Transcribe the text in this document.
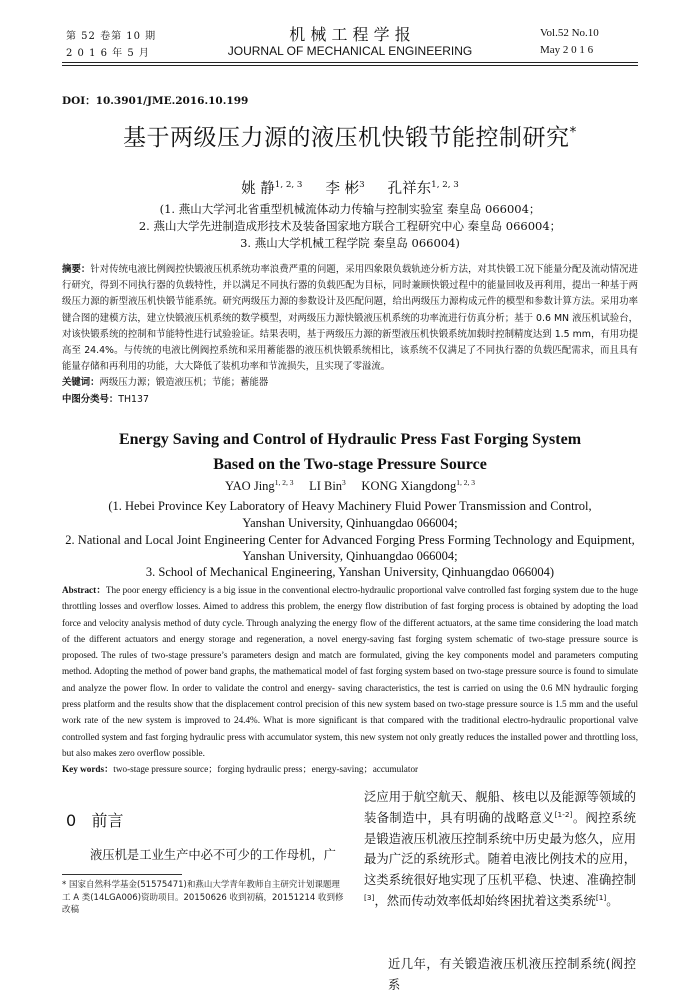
第 52 卷第 10 期
2 0 1 6 年 5 月
机 械 工 程 学 报
JOURNAL OF MECHANICAL ENGINEERING
Vol.52 No.10
May 2 0 1 6
DOI：10.3901/JME.2016.10.199
基于两级压力源的液压机快锻节能控制研究*
姚 静$^{1, 2, 3}$ 李 彬$^3$ 孔祥东$^{1, 2, 3}$
(1. 燕山大学河北省重型机械流体动力传输与控制实验室 秦皇岛 066004；
2. 燕山大学先进制造成形技术及装备国家地方联合工程研究中心 秦皇岛 066004；
3. 燕山大学机械工程学院 秦皇岛 066004)
摘要：针对传统电液比例阀控快锻液压机系统功率浪费严重的问题，采用四象限负载轨迹分析方法，对其快锻工况下能量分配及流动情况进行研究，得到不同执行器的负载特性，并以满足不同执行器的负载匹配为目标，同时兼顾快锻过程中的能量回收及再利用，提出一种基于两级压力源的新型液压机快锻节能系统。研究两级压力源的参数设计及匹配问题，给出两级压力源构成元件的模型和参数计算方法。采用功率键合图的建模方法，建立快锻液压机系统的数学模型，对两级压力源快锻液压机系统的功率流进行仿真分析；基于 0.6 MN 液压机试验台，对该快锻系统的控制和节能特性进行试验验证。结果表明，基于两级压力源的新型液压机快锻系统加载时控制精度达到 1.5 mm，有用功提高至 24.4%。与传统的电液比例阀控系统和采用蓄能器的液压机快锻系统相比，该系统不仅满足了不同执行器的负载匹配需求，而且具有能量存储和再利用的功能，大大降低了装机功率和节流损失，且实现了零溢流。
关键词：两级压力源；锻造液压机；节能；蓄能器
中图分类号：TH137
Energy Saving and Control of Hydraulic Press Fast Forging System
Based on the Two-stage Pressure Source
YAO Jing$^{1, 2, 3}$ LI Bin$^3$ KONG Xiangdong$^{1, 2, 3}$
(1. Hebei Province Key Laboratory of Heavy Machinery Fluid Power Transmission and Control,
Yanshan University, Qinhuangdao 066004;
2. National and Local Joint Engineering Center for Advanced Forging Press Forming Technology and Equipment,
Yanshan University, Qinhuangdao 066004;
3. School of Mechanical Engineering, Yanshan University, Qinhuangdao 066004)
Abstract：The poor energy efficiency is a big issue in the conventional electro-hydraulic proportional valve controlled fast forging system due to the huge throttling losses and overflow losses. Aimed to address this problem, the energy flow distribution of fast forging process is obtained by adopting the load force and velocity analysis method of duty cycle. Through analyzing the energy flow of the different actuators, at the same time considering the load match of the different actuators and energy storage and regeneration, a novel energy-saving fast forging system schematic of two-stage pressure source is proposed. The rules of two-stage pressure’s parameters design and match are formulated, giving the key components model and parameters computing method. Adopting the method of power band graphs, the mathematical model of fast forging system based on two-stage pressure source is found to simulate and analyze the power flow. In order to validate the control and energy- saving characteristics, the test is carried on using the 0.6 MN hydraulic forging press platform and the results show that the displacement control precision of this new system based on two-stage pressure source is 1.5 mm and the useful work rate of the new system is improved to 24.4%. What is more significant is that compared with the traditional electro-hydraulic proportional valve controlled system and fast forging hydraulic press with accumulator system, this new system not only greatly reduces the installed power and throttling loss, but also makes zero overflow possible.
Key words：two-stage pressure source；forging hydraulic press；energy-saving；accumulator
0 前言
液压机是工业生产中必不可少的工作母机，广
* 国家自然科学基金(51575471)和燕山大学青年教师自主研究计划课题理工 A 类(14LGA006)资助项目。20150626 收到初稿，20151214 收到修改稿
泛应用于航空航天、舰船、核电以及能源等领域的装备制造中，具有明确的战略意义[1-2]。阀控系统是锻造液压机液压控制系统中历史最为悠久，应用最为广泛的系统形式。随着电液比例技术的应用，这类系统很好地实现了压机平稳、快速、准确控制[3]，然而传动效率低却始终困扰着这类系统[1]。
近几年，有关锻造液压机液压控制系统(阀控系
